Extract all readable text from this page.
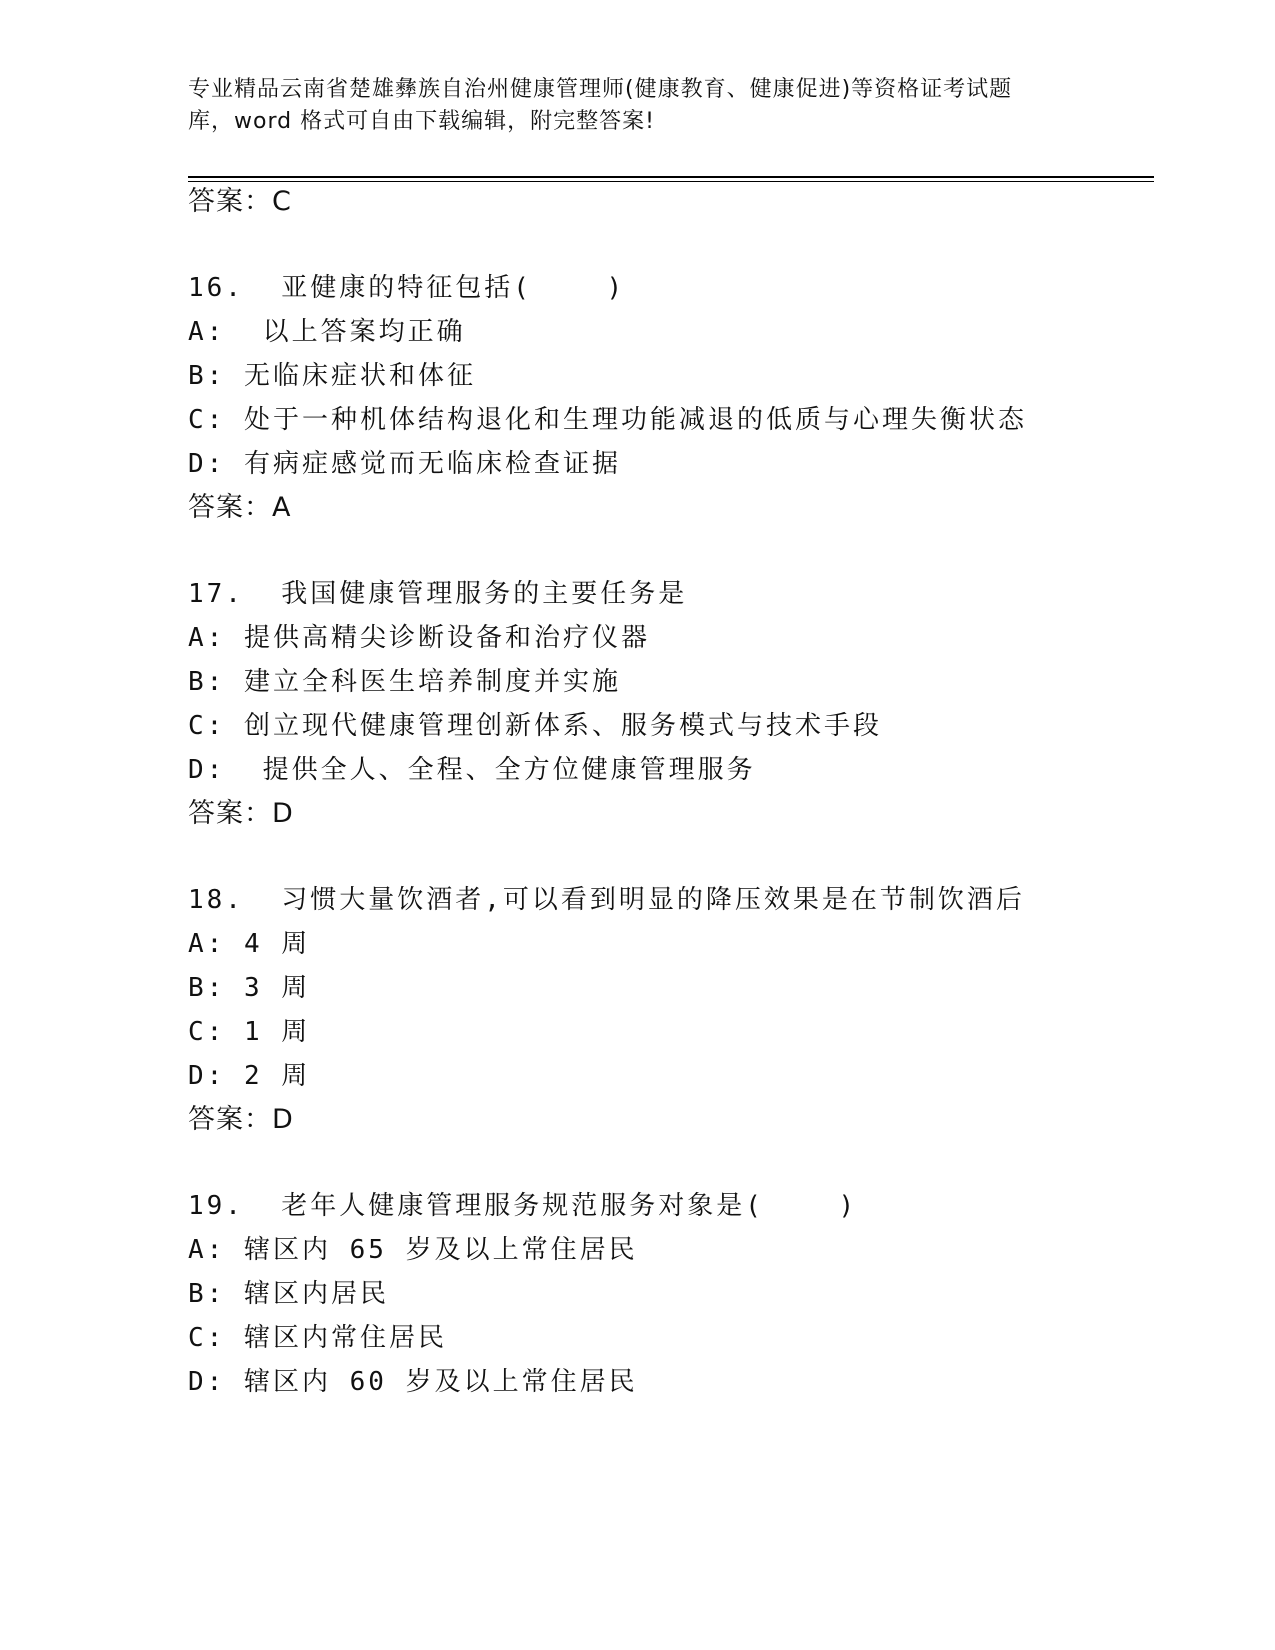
专业精品云南省楚雄彝族自治州健康管理师(健康教育、健康促进)等资格证考试题
库，word 格式可自由下载编辑，附完整答案!
答案：C
16.  亚健康的特征包括(    )
A:  以上答案均正确
B: 无临床症状和体征
C: 处于一种机体结构退化和生理功能减退的低质与心理失衡状态
D: 有病症感觉而无临床检查证据
答案：A
17.  我国健康管理服务的主要任务是
A: 提供高精尖诊断设备和治疗仪器
B: 建立全科医生培养制度并实施
C: 创立现代健康管理创新体系、服务模式与技术手段
D:  提供全人、全程、全方位健康管理服务
答案：D
18.  习惯大量饮酒者,可以看到明显的降压效果是在节制饮酒后
A: 4 周
B: 3 周
C: 1 周
D: 2 周
答案：D
19.  老年人健康管理服务规范服务对象是(    )
A: 辖区内 65 岁及以上常住居民
B: 辖区内居民
C: 辖区内常住居民
D: 辖区内 60 岁及以上常住居民
